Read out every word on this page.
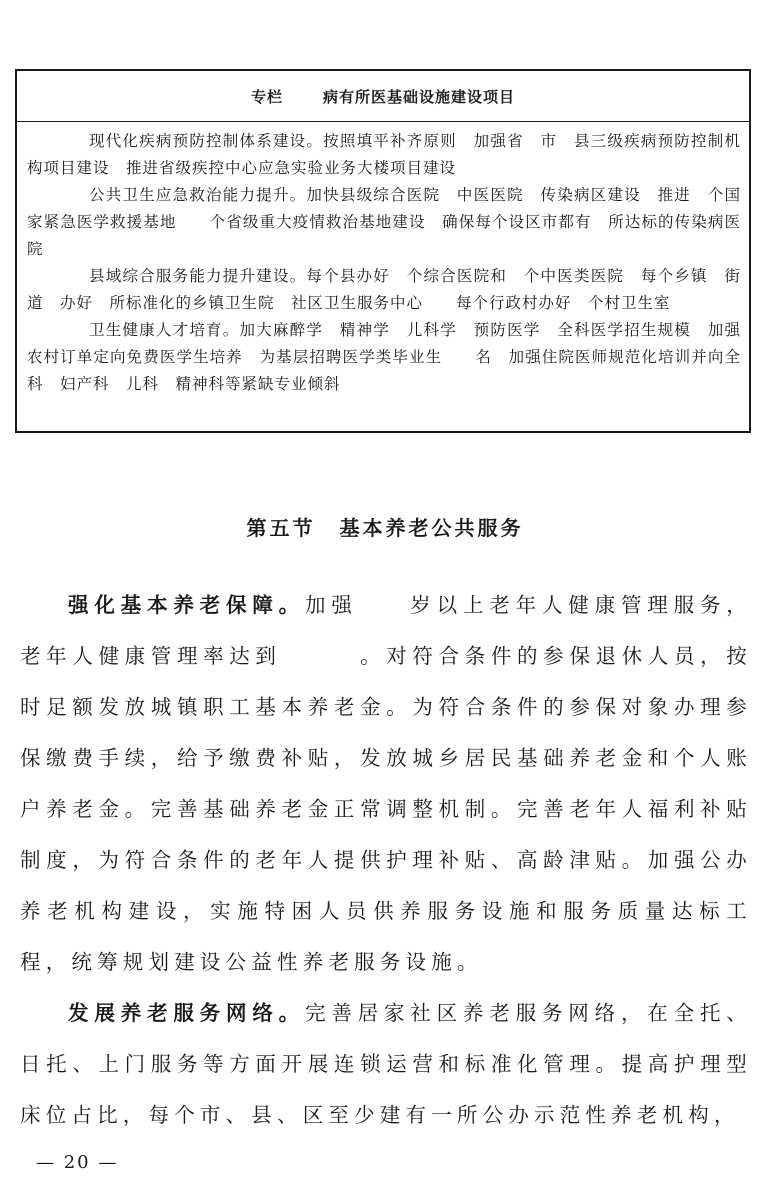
专栏	病有所医基础设施建设项目

现代化疾病预防控制体系建设。按照填平补齐原则　加强省　市　县三级疾病预防控制机构项目建设　推进省级疾控中心应急实验业务大楼项目建设

公共卫生应急救治能力提升。加快县级综合医院　中医医院　传染病区建设　推进　个国家紧急医学救援基地　　个省级重大疫情救治基地建设　确保每个设区市都有　所达标的传染病医院

县域综合服务能力提升建设。每个县办好　个综合医院和　个中医类医院　每个乡镇　街道　办好　所标准化的乡镇卫生院　社区卫生服务中心　　每个行政村办好　个村卫生室

卫生健康人才培育。加大麻醉学　精神学　儿科学　预防医学　全科医学招生规模　加强农村订单定向免费医学生培养　为基层招聘医学类毕业生　　名　加强住院医师规范化培训并向全科　妇产科　儿科　精神科等紧缺专业倾斜

第五节 基本养老公共服务

强化基本养老保障。加强　　岁以上老年人健康管理服务，老年人健康管理率达到　　　。对符合条件的参保退休人员，按时足额发放城镇职工基本养老金。为符合条件的参保对象办理参保缴费手续，给予缴费补贴，发放城乡居民基础养老金和个人账户养老金。完善基础养老金正常调整机制。完善老年人福利补贴制度，为符合条件的老年人提供护理补贴、高龄津贴。加强公办养老机构建设，实施特困人员供养服务设施和服务质量达标工程，统筹规划建设公益性养老服务设施。

发展养老服务网络。完善居家社区养老服务网络，在全托、日托、上门服务等方面开展连锁运营和标准化管理。提高护理型床位占比，每个市、县、区至少建有一所公办示范性养老机构，

— 20 —
